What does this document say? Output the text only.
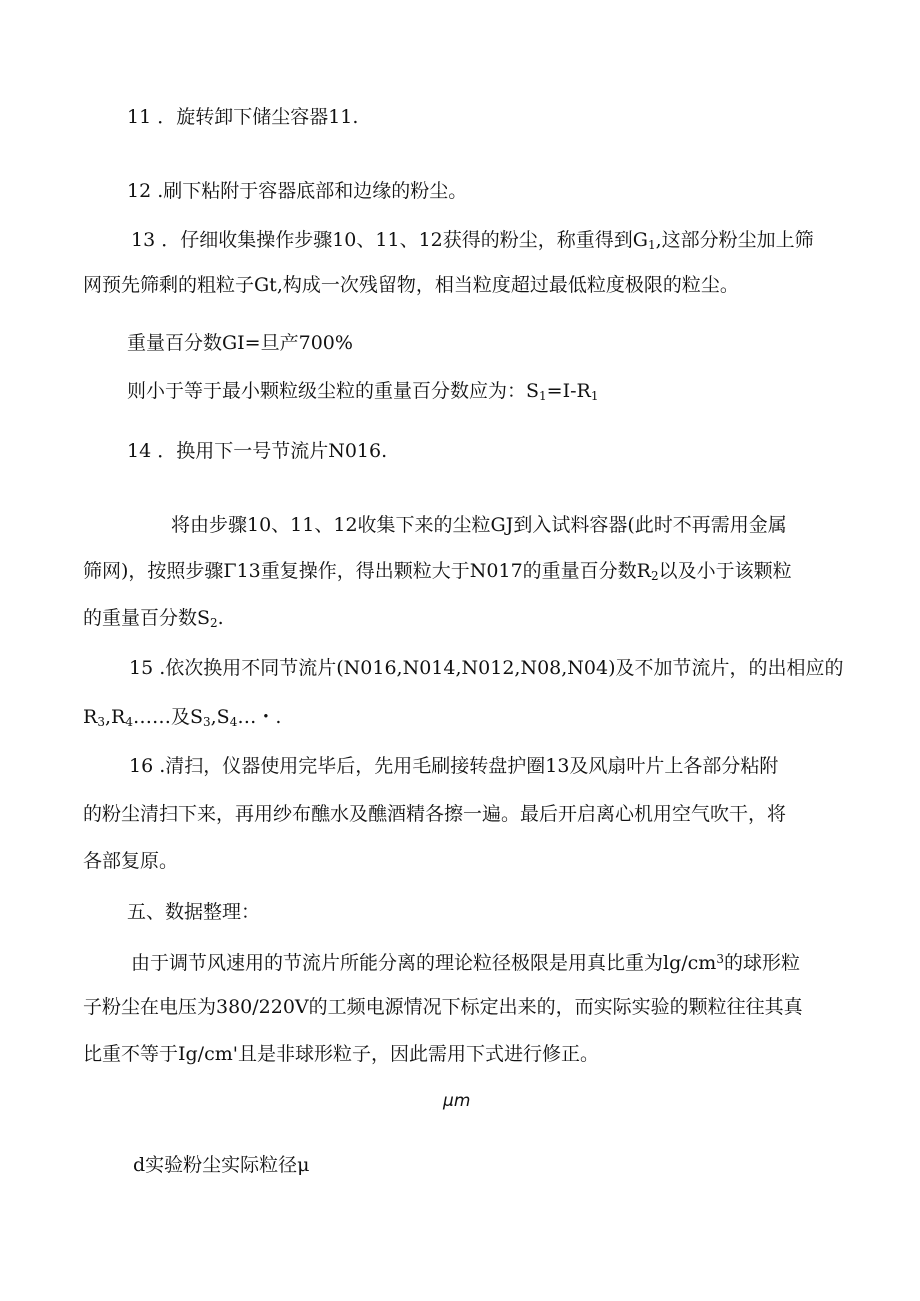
11 ．旋转卸下储尘容器11.
12 .刷下粘附于容器底部和边缘的粉尘。
13 ．仔细收集操作步骤10、11、12获得的粉尘，称重得到$G_1$,这部分粉尘加上筛
网预先筛剩的粗粒子Gt,构成一次残留物，相当粒度超过最低粒度极限的粒尘。
重量百分数GI=旦产700%
则小于等于最小颗粒级尘粒的重量百分数应为：$S_1=I-R_1$
14 ．换用下一号节流片N016.
将由步骤10、11、12收集下来的尘粒GJ到入试料容器(此时不再需用金属
筛网)，按照步骤Γ13重复操作，得出颗粒大于N017的重量百分数$R_2$以及小于该颗粒
的重量百分数$S_2$.
15 .依次换用不同节流片(N016,N014,N012,N08,N04)及不加节流片，的出相应的
$R_3,R_4\dots\dots$及$S_3,S_4\dots$・.
16 .清扫，仪器使用完毕后，先用毛刷接转盘护圈13及风扇叶片上各部分粘附
的粉尘清扫下来，再用纱布醮水及醮酒精各擦一遍。最后开启离心机用空气吹干，将
各部复原。
五、数据整理：
由于调节风速用的节流片所能分离的理论粒径极限是用真比重为$\lg/cm^3$的球形粒
子粉尘在电压为380/220V的工频电源情况下标定出来的，而实际实验的颗粒往往其真
比重不等于Ig/cm'且是非球形粒子，因此需用下式进行修正。
μm
d实验粉尘实际粒径μ
